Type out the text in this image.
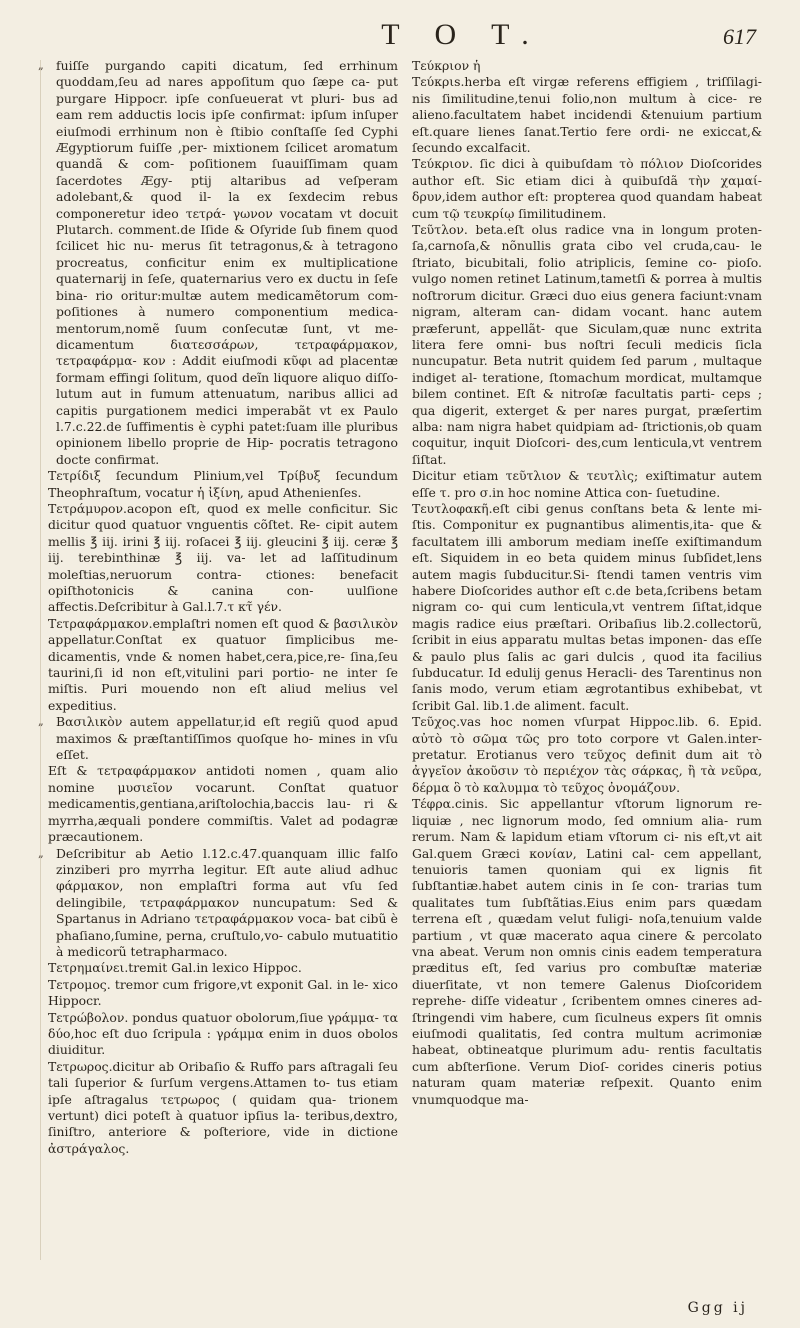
T O T.	617

„ fuiſſe purgando capiti dicatum, ſed errhinum quoddam,ſeu ad nares appoſitum quo ſæpe ca- put purgare Hippocr. ipſe conſueuerat vt pluri- bus ad eam rem adductis locis ipſe confirmat: ipſum inſuper eiuſmodi errhinum non è ſtibio conſtaſſe ſed Cyphi Ægyptiorum fuiſſe ,per- mixtionem ſcilicet aromatum quandã & com- poſitionem ſuauiſſimam quam ſacerdotes Ægy- ptij altaribus ad veſperam adolebant,& quod il- la ex ſexdecim rebus componeretur ideo τετρά- γωνον vocatam vt docuit Plutarch. comment.de Iſide & Oſyride ſub finem quod ſcilicet hic nu- merus ſit tetragonus,& à tetragono procreatus, conficitur enim ex multiplicatione quaternarij in ſeſe, quaternarius vero ex ductu in ſeſe bina- rio oritur:multæ autem medicamẽtorum com- poſitiones à numero componentium medica- mentorum,nomẽ ſuum conſecutæ ſunt, vt me- dicamentum διατεσσάρων, τετραφάρμακον, τετραφάρμα- κον : Addit eiuſmodi κῦφι ad placentæ formam effingi ſolitum, quod deĩn liquore aliquo diſſo- lutum aut in fumum attenuatum, naribus allici ad capitis purgationem medici imperabãt vt ex Paulo l.7.c.22.de ſuffimentis è cyphi patet:ſuam ille pluribus opinionem libello proprie de Hip- pocratis tetragono docte confirmat.

Τετρίδιξ ſecundum Plinium,vel Τρίβυξ ſecundum Theophraſtum, vocatur ἡ ἰξίνη, apud Athenienſes.

Τετράμυρον.acopon eſt, quod ex melle conficitur. Sic dicitur quod quatuor vnguentis cõſtet. Re- cipit autem mellis ℥ iij. irini ℥ iij. roſacei ℥ iij. gleucini ℥ iij. ceræ ℥ iij. terebinthinæ ℥ iij. va- let ad laſſitudinum moleſtias,neruorum contra- ctiones: benefacit opiſthotonicis & canina con- uulſione affectis.Deſcribitur à Gal.l.7.τ κτ̃ γέν.

Τετραφάρμακον.emplaſtri nomen eſt quod & βασιλικὸν appellatur.Conſtat ex quatuor ſimplicibus me- dicamentis, vnde & nomen habet,cera,pice,re- ſina,ſeu taurini,ſi id non eſt,vitulini pari portio- ne inter ſe miſtis. Puri mouendo non eſt aliud melius vel expeditius.

„ Βασιλικὸν autem appellatur,id eſt regiũ quod apud maximos & præſtantiſſimos quoſque ho- mines in vſu eſſet.

Eſt & τετραφάρμακον antidoti nomen , quam alio nomine μυσιεῖον vocarunt. Conſtat quatuor medicamentis,gentiana,ariſtolochia,baccis lau- ri & myrrha,æquali pondere commiſtis. Valet ad podagræ præcautionem.

„ Deſcribitur ab Aetio l.12.c.47.quanquam illic falſo zinziberi pro myrrha legitur. Eſt aute aliud adhuc φάρμακον, non emplaſtri forma aut vſu ſed delingibile, τετραφάρμακον nuncupatum: Sed & Spartanus in Adriano τετραφάρμακον voca- bat cibũ è phaſiano,ſumine, perna, cruſtulo,vo- cabulo mutuatitio à medicorũ tetrapharmaco.

Τετρημαίνει.tremit Gal.in lexico Hippoc.

Τετρομος. tremor cum frigore,vt exponit Gal. in le- xico Hippocr.

Τετρώβολον. pondus quatuor obolorum,ſiue γράμμα- τα δύο,hoc eſt duo ſcripula : γράμμα enim in duos obolos diuiditur.

Τετρωρος.dicitur ab Oribaſio & Ruffo pars aſtragali ſeu tali ſuperior & ſurſum vergens.Attamen to- tus etiam ipſe aſtragalus τετρωρος ( quidam qua- trionem vertunt) dici poteſt à quatuor ipſius la- teribus,dextro, ſiniſtro, anteriore & poſteriore, vide in dictione ἀστράγαλος.

Τεύκριον ἡ

Τεύκριs.herba eſt virgæ referens effigiem , triſſilagi- nis ſimilitudine,tenui folio,non multum à cice- re alieno.facultatem habet incidendi &tenuium partium eſt.quare lienes ſanat.Tertio fere ordi- ne exiccat,& ſecundo excalfacit.

Τεύκριον. ſic dici à quibuſdam τὸ πόλιον Dioſcorides author eſt. Sic etiam dici à quibuſdã τὴν χαμαί- δρυν,idem author eſt: propterea quod quandam habeat cum τῷ τευκρίῳ ſimilitudinem.

Τεῦτλον. beta.eſt olus radice vna in longum proten- ſa,carnoſa,& nõnullis grata cibo vel cruda,cau- le ſtriato, bicubitali, folio atriplicis, ſemine co- pioſo. vulgo nomen retinet Latinum,tametſi & porrea à multis noſtrorum dicitur. Græci duo eius genera faciunt:vnam nigram, alteram can- didam vocant. hanc autem præferunt, appellãt- que Siculam,quæ nunc extrita litera fere omni- bus noſtri ſeculi medicis ſicla nuncupatur. Beta nutrit quidem ſed parum , multaque indiget al- teratione, ſtomachum mordicat, multamque bilem continet. Eſt & nitroſæ facultatis parti- ceps ; qua digerit, exterget & per nares purgat, præſertim alba: nam nigra habet quidpiam ad- ſtrictionis,ob quam coquitur, inquit Dioſcori- des,cum lenticula,vt ventrem ſiſtat.

Dicitur etiam τεῦτλιον & τευτλὶς; exiſtimatur autem eſſe τ. pro σ.in hoc nomine Attica con- ſuetudine.

Τευτλοφακῆ.eſt cibi genus conſtans beta & lente mi- ſtis. Componitur ex pugnantibus alimentis,ita- que & facultatem illi amborum mediam ineſſe exiſtimandum eſt. Siquidem in eo beta quidem minus ſubſidet,lens autem magis ſubducitur.Si- ſtendi tamen ventris vim habere Dioſcorides author eſt c.de beta,ſcribens betam nigram co- qui cum lenticula,vt ventrem ſiſtat,idque magis radice eius præſtari. Oribaſius lib.2.collectorũ, ſcribit in eius apparatu multas betas imponen- das eſſe & paulo plus ſalis ac gari dulcis , quod ita facilius ſubducatur. Id edulij genus Heracli- des Tarentinus non ſanis modo, verum etiam ægrotantibus exhibebat, vt ſcribit Gal. lib.1.de aliment. facult.

Τεῦχος.vas hoc nomen vſurpat Hippoc.lib. 6. Epid. αὐτὸ τὸ σῶμα τῶς pro toto corpore vt Galen.inter- pretatur. Erotianus vero τεῦχος definit dum ait τὸ ἀγγεῖον ἀκοῦσιν τὸ περιέχον τὰς σάρκας, ἢ τὰ νεῦρα, δέρμα ὃ τὸ καλυμμα τὸ τεῦχος ὀνομάζουν.

Τέφρα.cinis. Sic appellantur vſtorum lignorum re- liquiæ , nec lignorum modo, ſed omnium alia- rum rerum. Nam & lapidum etiam vſtorum ci- nis eſt,vt ait Gal.quem Græci κονίαν, Latini cal- cem appellant, tenuioris tamen quoniam qui ex lignis fit ſubſtantiæ.habet autem cinis in ſe con- trarias tum qualitates tum ſubſtãtias.Eius enim pars quædam terrena eſt , quædam velut fuligi- noſa,tenuium valde partium , vt quæ macerato aqua cinere & percolato vna abeat. Verum non omnis cinis eadem temperatura præditus eſt, ſed varius pro combuſtæ materiæ diuerſitate, vt non temere Galenus Dioſcoridem reprehe- diſſe videatur , ſcribentem omnes cineres ad- ſtringendi vim habere, cum ſiculneus expers ſit omnis eiuſmodi qualitatis, ſed contra multum acrimoniæ habeat, obtineatque plurimum adu- rentis facultatis cum abſterſione. Verum Dioſ- corides cineris potius naturam quam materiæ reſpexit. Quanto enim vnumquodque ma-

Ggg ij
